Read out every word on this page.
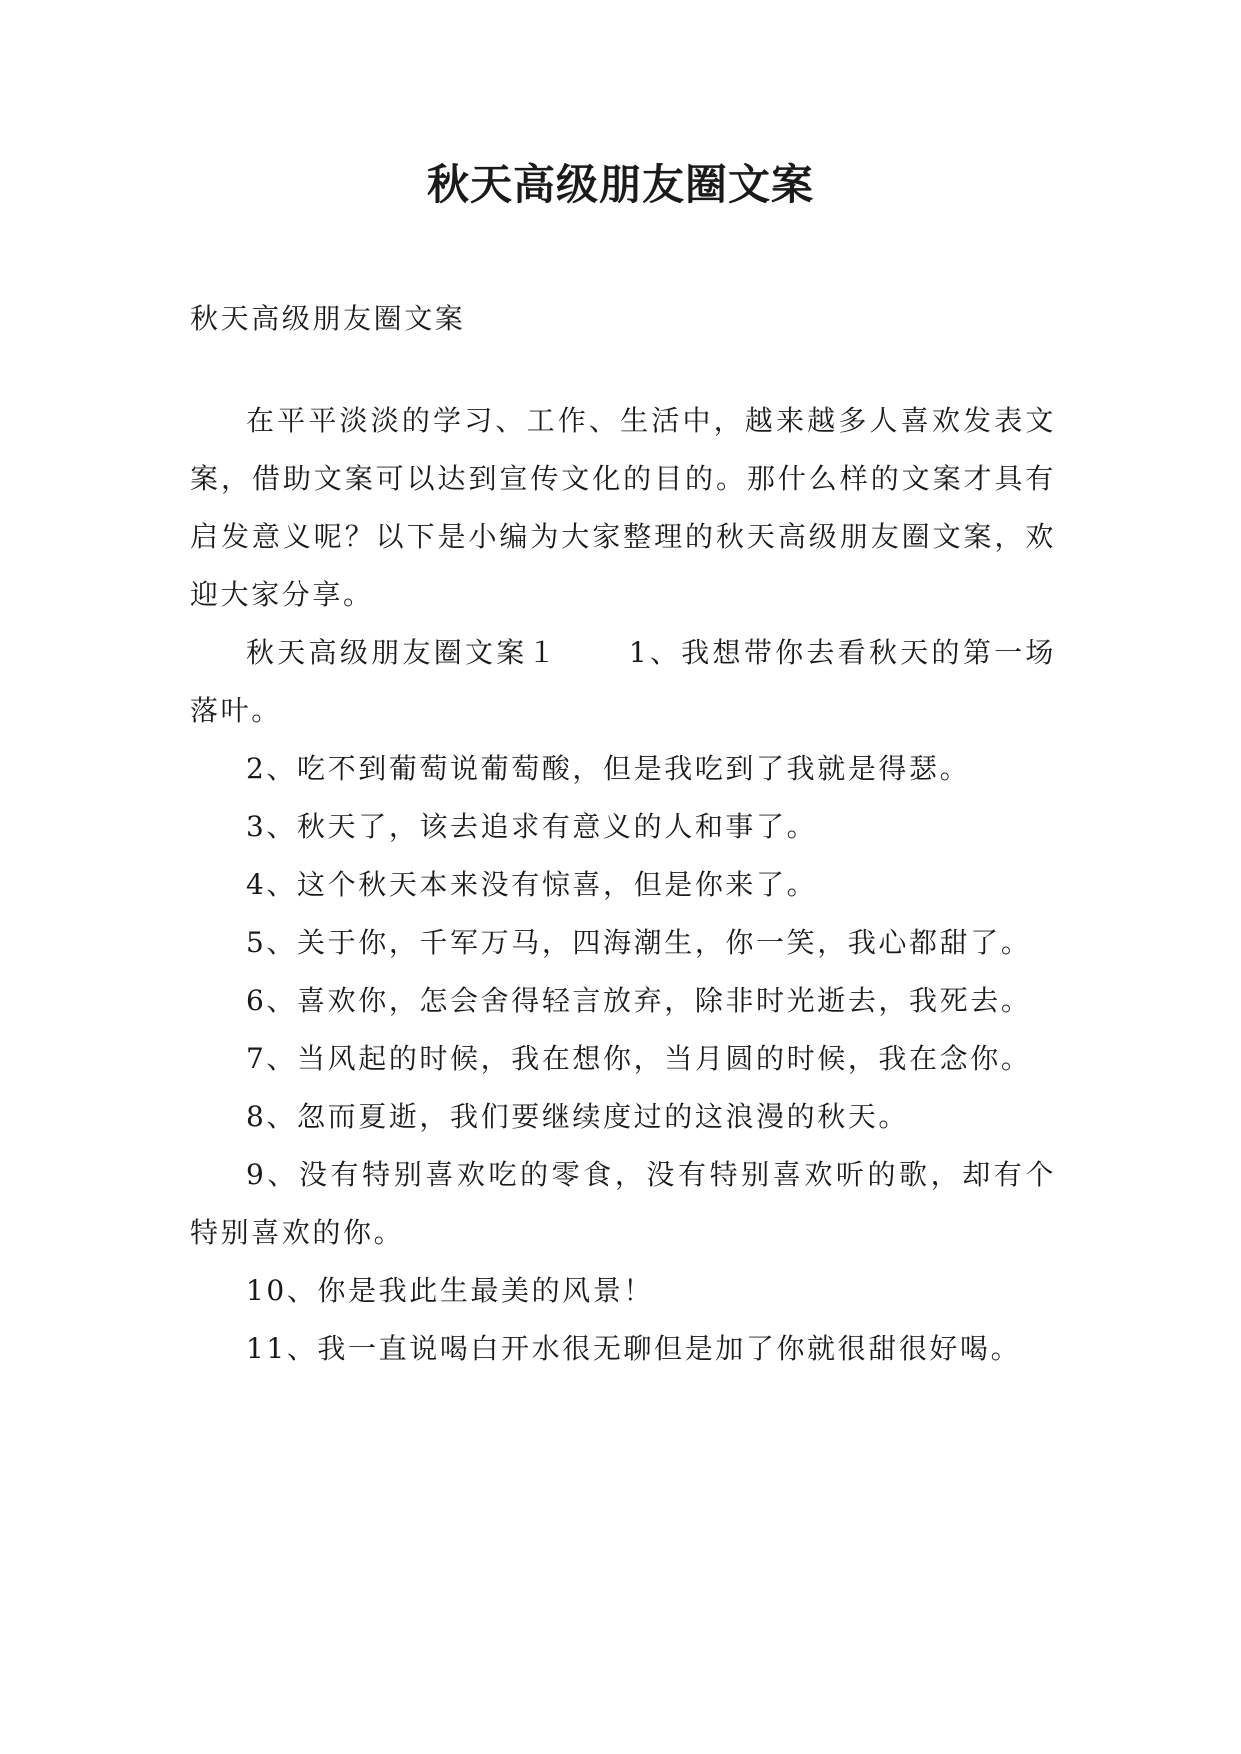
秋天高级朋友圈文案
秋天高级朋友圈文案

在平平淡淡的学习、工作、生活中，越来越多人喜欢发表文案，借助文案可以达到宣传文化的目的。那什么样的文案才具有启发意义呢？以下是小编为大家整理的秋天高级朋友圈文案，欢迎大家分享。

秋天高级朋友圈文案１	1、我想带你去看秋天的第一场落叶。

2、吃不到葡萄说葡萄酸，但是我吃到了我就是得瑟。

3、秋天了，该去追求有意义的人和事了。

4、这个秋天本来没有惊喜，但是你来了。

5、关于你，千军万马，四海潮生，你一笑，我心都甜了。

6、喜欢你，怎会舍得轻言放弃，除非时光逝去，我死去。

7、当风起的时候，我在想你，当月圆的时候，我在念你。

8、忽而夏逝，我们要继续度过的这浪漫的秋天。

9、没有特别喜欢吃的零食，没有特别喜欢听的歌，却有个特别喜欢的你。

10、你是我此生最美的风景！

11、我一直说喝白开水很无聊但是加了你就很甜很好喝。
